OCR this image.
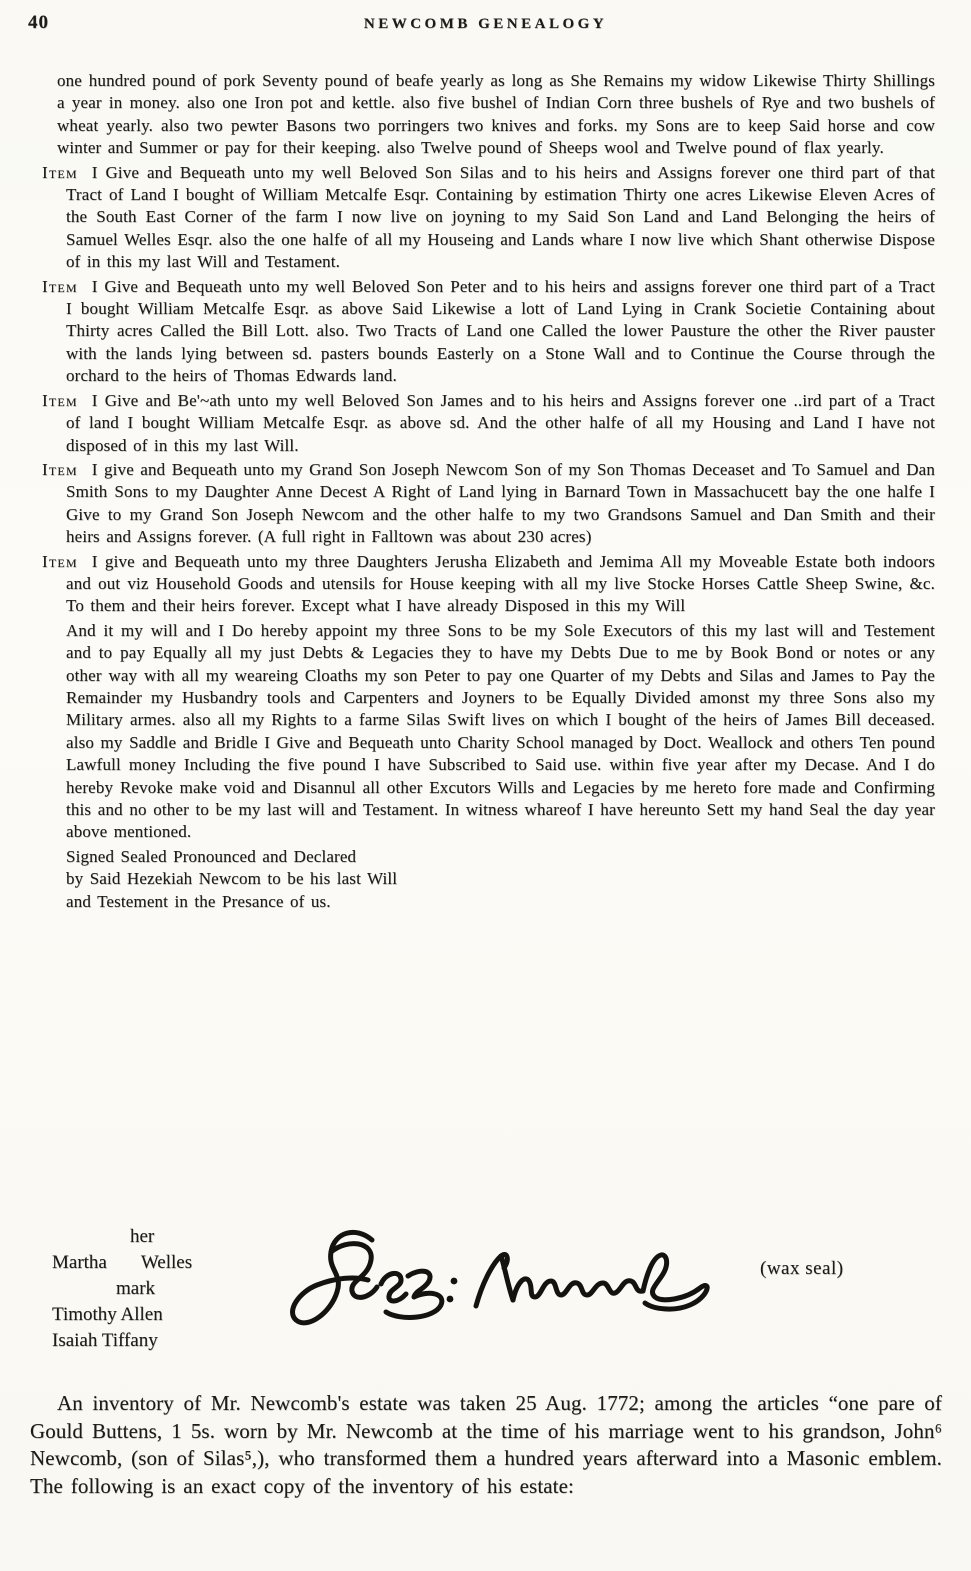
40	NEWCOMB GENEALOGY

one hundred pound of pork Seventy pound of beafe yearly as long as She Remains my widow Likewise Thirty Shillings a year in money. also one Iron pot and kettle. also five bushel of Indian Corn three bushels of Rye and two bushels of wheat yearly. also two pewter Basons two porringers two knives and forks. my Sons are to keep Said horse and cow winter and Summer or pay for their keeping. also Twelve pound of Sheeps wool and Twelve pound of flax yearly.

Item I Give and Bequeath unto my well Beloved Son Silas and to his heirs and Assigns forever one third part of that Tract of Land I bought of William Metcalfe Esqr. Containing by estimation Thirty one acres Likewise Eleven Acres of the South East Corner of the farm I now live on joyning to my Said Son Land and Land Belonging the heirs of Samuel Welles Esqr. also the one halfe of all my Houseing and Lands whare I now live which Shant otherwise Dispose of in this my last Will and Testament.

Item I Give and Bequeath unto my well Beloved Son Peter and to his heirs and assigns forever one third part of a Tract I bought William Metcalfe Esqr. as above Said Likewise a lott of Land Lying in Crank Societie Containing about Thirty acres Called the Bill Lott. also. Two Tracts of Land one Called the lower Pausture the other the River pauster with the lands lying between sd. pasters bounds Easterly on a Stone Wall and to Continue the Course through the orchard to the heirs of Thomas Edwards land.

Item I Give and Be'~ath unto my well Beloved Son James and to his heirs and Assigns forever one ..ird part of a Tract of land I bought William Metcalfe Esqr. as above sd. And the other halfe of all my Housing and Land I have not disposed of in this my last Will.

Item I give and Bequeath unto my Grand Son Joseph Newcom Son of my Son Thomas Deceaset and To Samuel and Dan Smith Sons to my Daughter Anne Decest A Right of Land lying in Barnard Town in Massachucett bay the one halfe I Give to my Grand Son Joseph Newcom and the other halfe to my two Grandsons Samuel and Dan Smith and their heirs and Assigns forever. (A full right in Falltown was about 230 acres)

Item I give and Bequeath unto my three Daughters Jerusha Elizabeth and Jemima All my Moveable Estate both indoors and out viz Household Goods and utensils for House keeping with all my live Stocke Horses Cattle Sheep Swine, &c. To them and their heirs forever. Except what I have already Disposed in this my Will

And it my will and I Do hereby appoint my three Sons to be my Sole Executors of this my last will and Testement and to pay Equally all my just Debts & Legacies they to have my Debts Due to me by Book Bond or notes or any other way with all my weareing Cloaths my son Peter to pay one Quarter of my Debts and Silas and James to Pay the Remainder my Husbandry tools and Carpenters and Joyners to be Equally Divided amonst my three Sons also my Military armes. also all my Rights to a farme Silas Swift lives on which I bought of the heirs of James Bill deceased. also my Saddle and Bridle I Give and Bequeath unto Charity School managed by Doct. Weallock and others Ten pound Lawfull money Including the five pound I have Subscribed to Said use. within five year after my Decase. And I do hereby Revoke make void and Disannul all other Excutors Wills and Legacies by me hereto fore made and Confirming this and no other to be my last will and Testament. In witness whareof I have hereunto Sett my hand Seal the day year above mentioned.

Signed Sealed Pronounced and Declared
by Said Hezekiah Newcom to be his last Will
and Testement in the Presance of us.
her
Martha Welles
mark
Timothy Allen
Isaiah Tiffany
(wax seal)

An inventory of Mr. Newcomb's estate was taken 25 Aug. 1772; among the articles “one pare of Gould Buttens, 1 5s. worn by Mr. Newcomb at the time of his marriage went to his grandson, John⁶ Newcomb, (son of Silas⁵,), who transformed them a hundred years afterward into a Masonic emblem. The following is an exact copy of the inventory of his estate:
